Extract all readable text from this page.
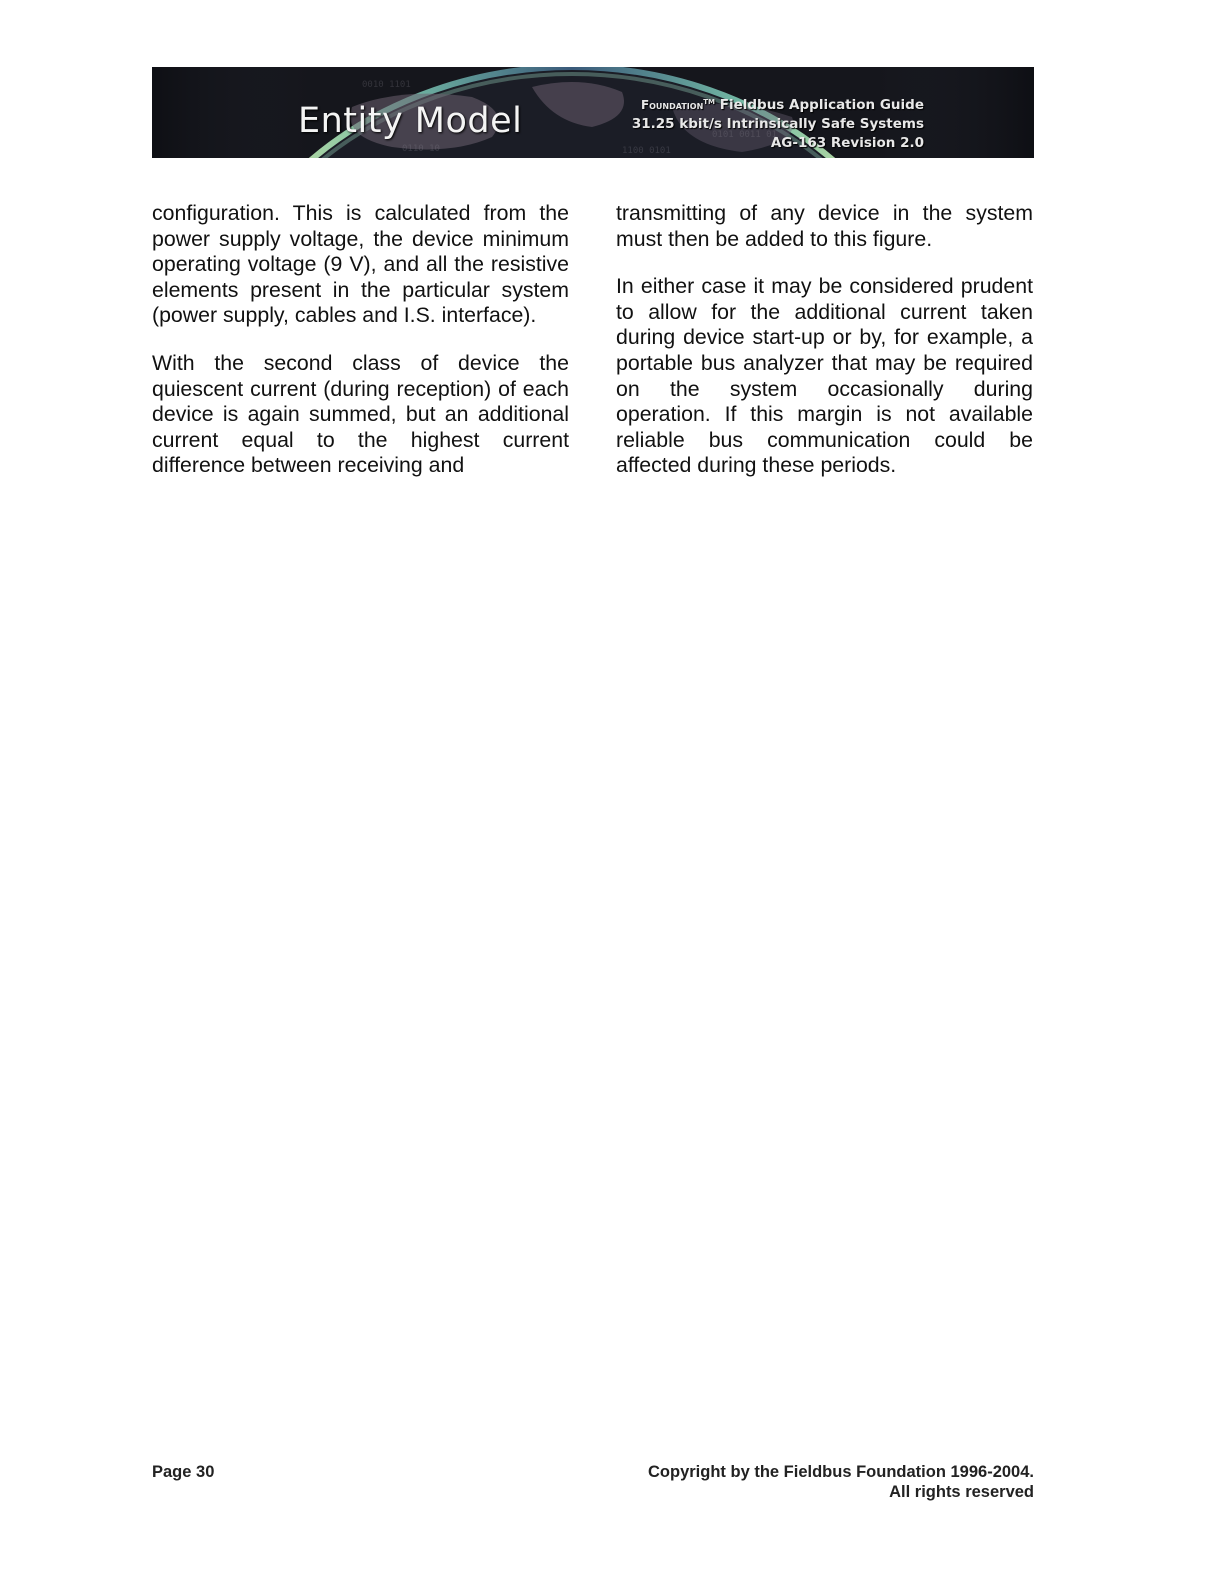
Entity Model	Foundation™ Fieldbus Application Guide
31.25 kbit/s Intrinsically Safe Systems
AG-163 Revision 2.0

configuration. This is calculated from the power supply voltage, the device minimum operating voltage (9 V), and all the resistive elements present in the particular system (power supply, cables and I.S. interface).

With the second class of device the quiescent current (during reception) of each device is again summed, but an additional current equal to the highest current difference between receiving and

transmitting of any device in the system must then be added to this figure.

In either case it may be considered prudent to allow for the additional current taken during device start-up or by, for example, a portable bus analyzer that may be required on the system occasionally during operation. If this margin is not available reliable bus communication could be affected during these periods.

Page 30	Copyright by the Fieldbus Foundation 1996-2004.
All rights reserved
